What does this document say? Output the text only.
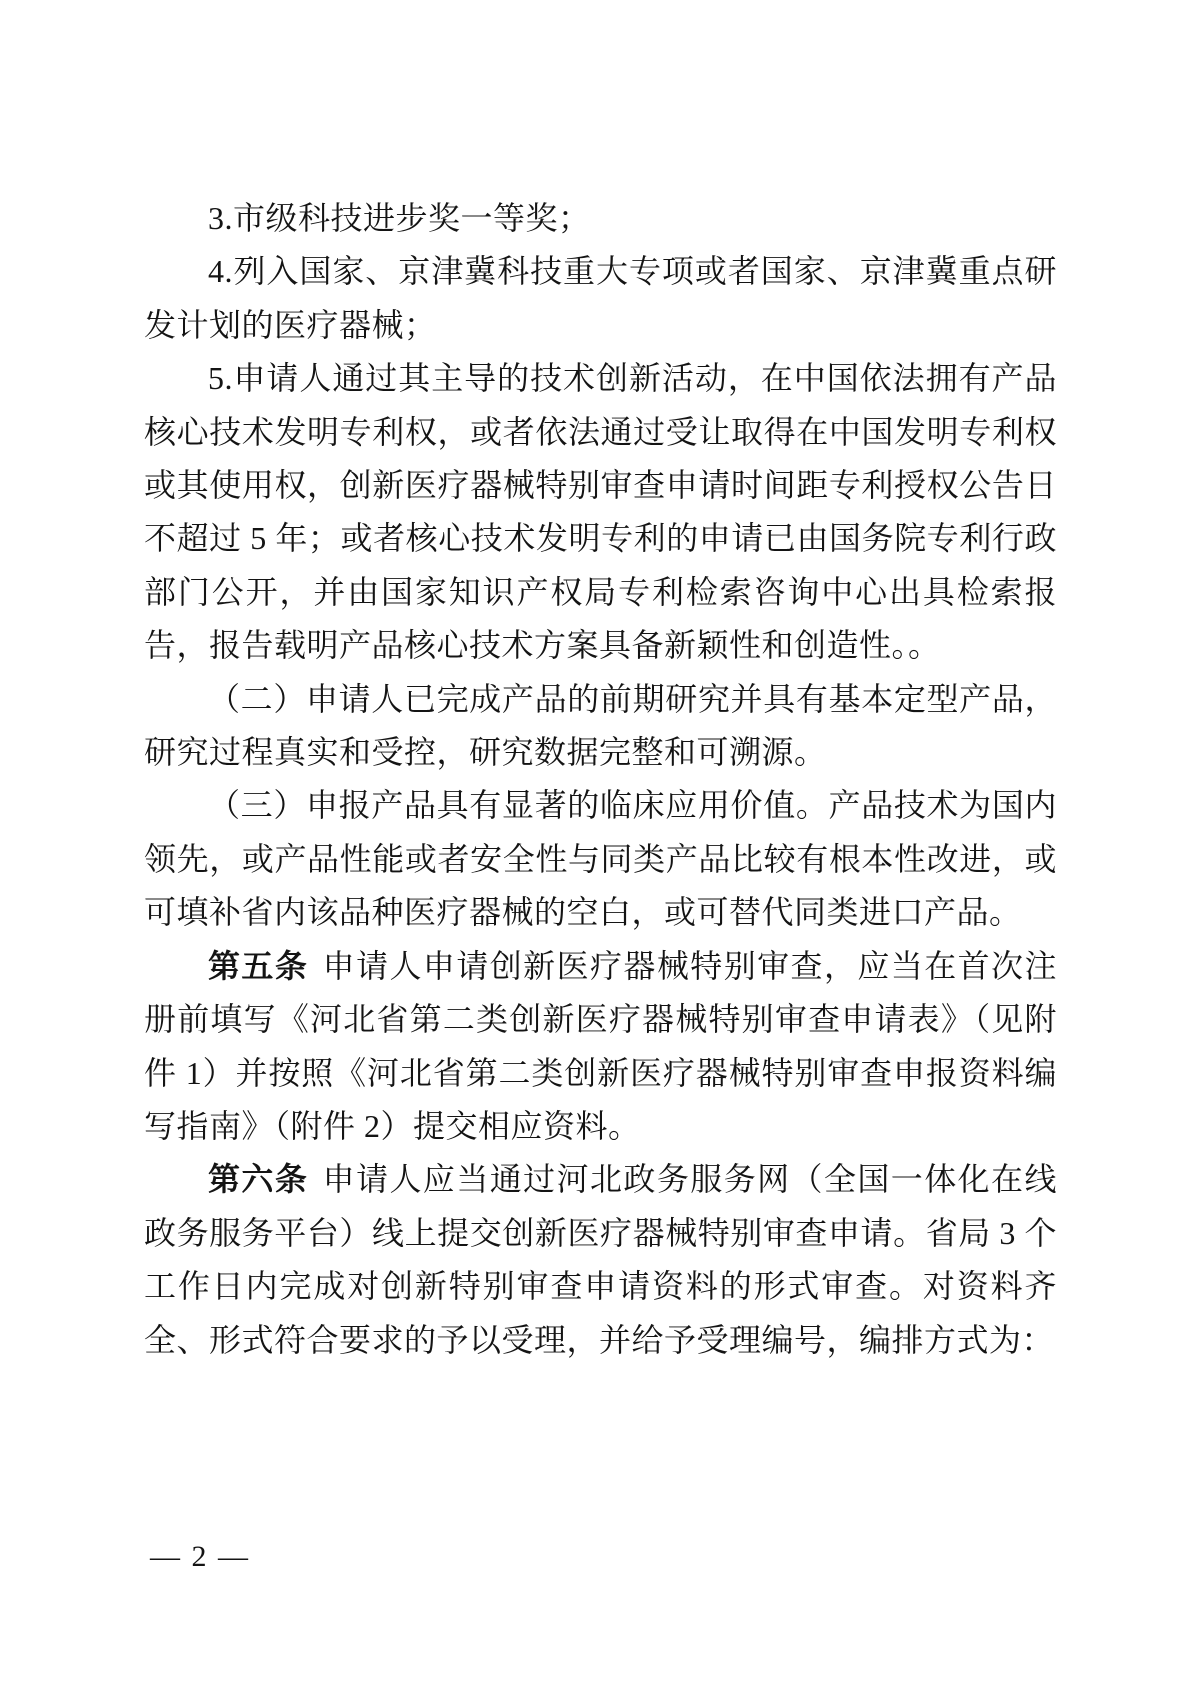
3.市级科技进步奖一等奖；

4.列入国家、京津冀科技重大专项或者国家、京津冀重点研发计划的医疗器械；

5.申请人通过其主导的技术创新活动，在中国依法拥有产品核心技术发明专利权，或者依法通过受让取得在中国发明专利权或其使用权，创新医疗器械特别审查申请时间距专利授权公告日不超过 5 年；或者核心技术发明专利的申请已由国务院专利行政部门公开，并由国家知识产权局专利检索咨询中心出具检索报告，报告载明产品核心技术方案具备新颖性和创造性。。

（二）申请人已完成产品的前期研究并具有基本定型产品，研究过程真实和受控，研究数据完整和可溯源。

（三）申报产品具有显著的临床应用价值。产品技术为国内领先，或产品性能或者安全性与同类产品比较有根本性改进，或可填补省内该品种医疗器械的空白，或可替代同类进口产品。

第五条 申请人申请创新医疗器械特别审查，应当在首次注册前填写《河北省第二类创新医疗器械特别审查申请表》（见附件 1）并按照《河北省第二类创新医疗器械特别审查申报资料编写指南》（附件 2）提交相应资料。

第六条 申请人应当通过河北政务服务网（全国一体化在线政务服务平台）线上提交创新医疗器械特别审查申请。省局 3 个工作日内完成对创新特别审查申请资料的形式审查。对资料齐全、形式符合要求的予以受理，并给予受理编号，编排方式为：

— 2 —
